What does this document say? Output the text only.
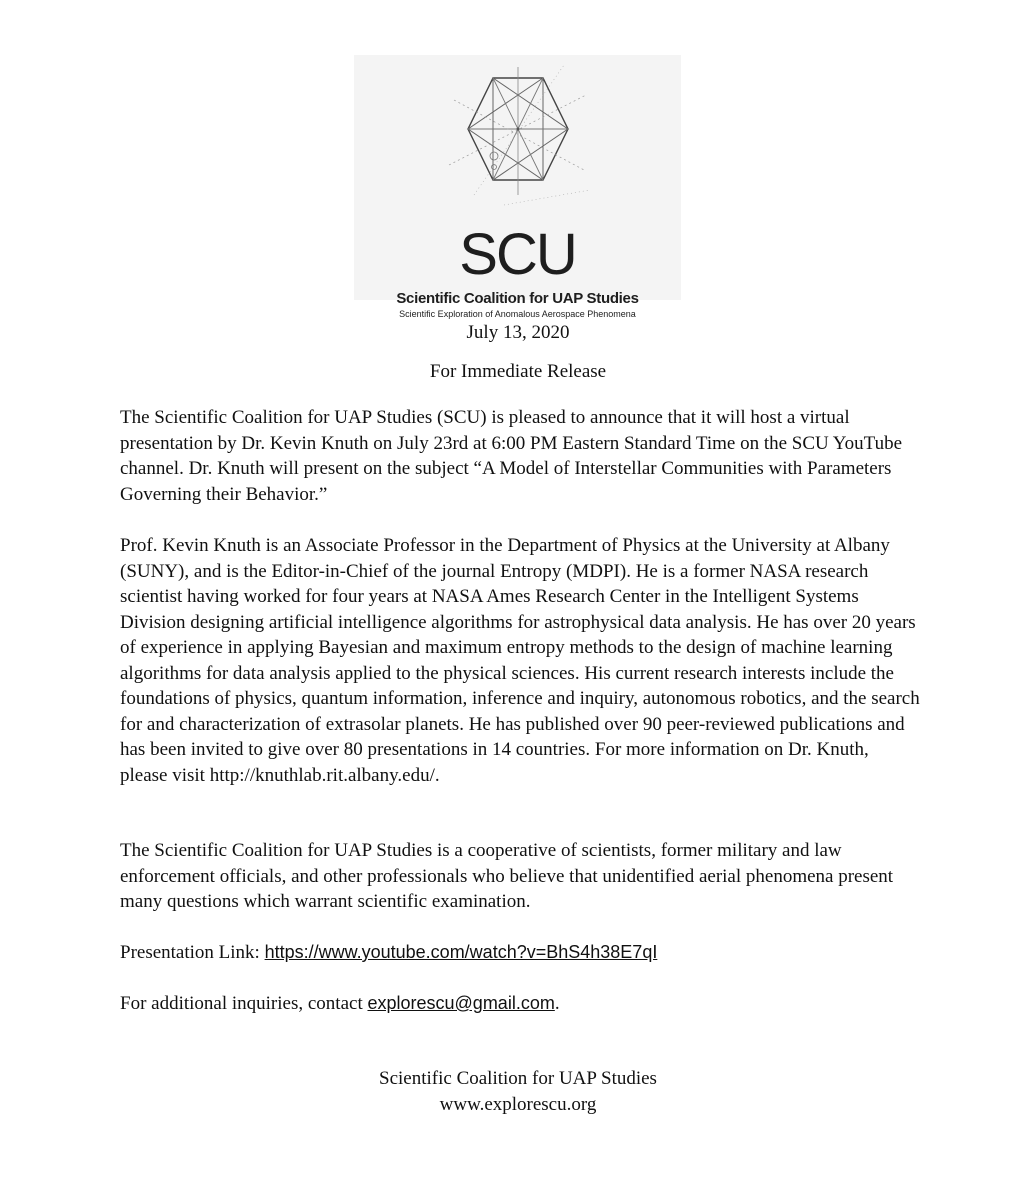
SCU
Scientific Coalition for UAP Studies
Scientific Exploration of Anomalous Aerospace Phenomena
July 13, 2020
For Immediate Release

The Scientific Coalition for UAP Studies (SCU) is pleased to announce that it will host a virtual presentation by Dr. Kevin Knuth on July 23rd at 6:00 PM Eastern Standard Time on the SCU YouTube channel. Dr. Knuth will present on the subject “A Model of Interstellar Communities with Parameters Governing their Behavior.”

Prof. Kevin Knuth is an Associate Professor in the Department of Physics at the University at Albany (SUNY), and is the Editor-in-Chief of the journal Entropy (MDPI). He is a former NASA research scientist having worked for four years at NASA Ames Research Center in the Intelligent Systems Division designing artificial intelligence algorithms for astrophysical data analysis. He has over 20 years of experience in applying Bayesian and maximum entropy methods to the design of machine learning algorithms for data analysis applied to the physical sciences. His current research interests include the foundations of physics, quantum information, inference and inquiry, autonomous robotics, and the search for and characterization of extrasolar planets. He has published over 90 peer-reviewed publications and has been invited to give over 80 presentations in 14 countries. For more information on Dr. Knuth, please visit http://knuthlab.rit.albany.edu/.

The Scientific Coalition for UAP Studies is a cooperative of scientists, former military and law enforcement officials, and other professionals who believe that unidentified aerial phenomena present many questions which warrant scientific examination.

Presentation Link: https://www.youtube.com/watch?v=BhS4h38E7qI

For additional inquiries, contact explorescu@gmail.com.

Scientific Coalition for UAP Studies
www.explorescu.org
